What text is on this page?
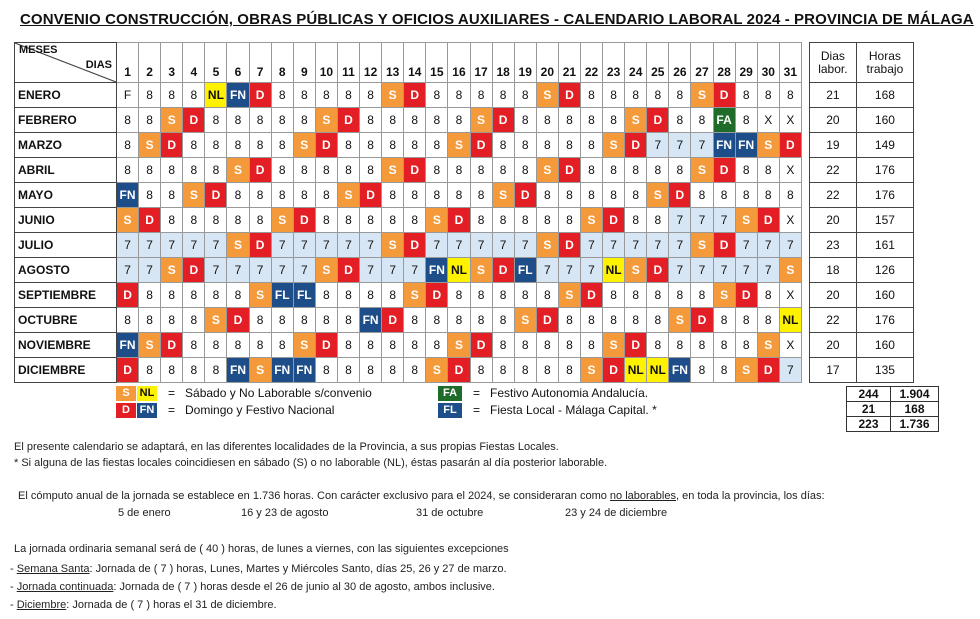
CONVENIO CONSTRUCCIÓN, OBRAS PÚBLICAS Y OFICIOS AUXILIARES - CALENDARIO LABORAL 2024 - PROVINCIA DE MÁLAGA
MESES
DIAS	1	2	3	4	5	6	7	8	9	10	11	12	13	14	15	16	17	18	19	20	21	22	23	24	25	26	27	28	29	30	31		Dias labor.	Horas trabajo
ENERO	F	8	8	8	NL	FN	D	8	8	8	8	8	S	D	8	8	8	8	8	S	D	8	8	8	8	8	S	D	8	8	8		21	168
FEBRERO	8	8	S	D	8	8	8	8	8	S	D	8	8	8	8	8	S	D	8	8	8	8	8	S	D	8	8	FA	8	X	X		20	160
MARZO	8	S	D	8	8	8	8	8	S	D	8	8	8	8	8	S	D	8	8	8	8	8	S	D	7	7	7	FN	FN	S	D		19	149
ABRIL	8	8	8	8	8	S	D	8	8	8	8	8	S	D	8	8	8	8	8	S	D	8	8	8	8	8	S	D	8	8	X		22	176
MAYO	FN	8	8	S	D	8	8	8	8	8	S	D	8	8	8	8	8	S	D	8	8	8	8	8	S	D	8	8	8	8	8		22	176
JUNIO	S	D	8	8	8	8	8	S	D	8	8	8	8	8	S	D	8	8	8	8	8	S	D	8	8	7	7	7	S	D	X		20	157
JULIO	7	7	7	7	7	S	D	7	7	7	7	7	S	D	7	7	7	7	7	S	D	7	7	7	7	7	S	D	7	7	7		23	161
AGOSTO	7	7	S	D	7	7	7	7	7	S	D	7	7	7	FN	NL	S	D	FL	7	7	7	NL	S	D	7	7	7	7	7	S		18	126
SEPTIEMBRE	D	8	8	8	8	8	S	FL	FL	8	8	8	8	S	D	8	8	8	8	8	S	D	8	8	8	8	8	S	D	8	X		20	160
OCTUBRE	8	8	8	8	S	D	8	8	8	8	8	FN	D	8	8	8	8	8	S	D	8	8	8	8	8	S	D	8	8	8	NL		22	176
NOVIEMBRE	FN	S	D	8	8	8	8	8	S	D	8	8	8	8	8	S	D	8	8	8	8	8	S	D	8	8	8	8	8	S	X		20	160
DICIEMBRE	D	8	8	8	8	FN	S	FN	FN	8	8	8	8	8	S	D	8	8	8	8	8	S	D	NL	NL	FN	8	8	S	D	7		17	135
S NL = Sábado y No Laborable s/convenio
D FN = Domingo y Festivo Nacional
FA	= Festivo Autonomia Andalucía.
FL	= Fiesta Local - Málaga Capital. *
244	1.904
21	168
223	1.736
El presente calendario se adaptará, en las diferentes localidades de la Provincia, a sus propias Fiestas Locales.
* Si alguna de las fiestas locales coincidiesen en sábado (S) o no laborable (NL), éstas pasarán al día posterior laborable.
El cómputo anual de la jornada se establece en 1.736 horas. Con carácter exclusivo para el 2024, se consideraran como no laborables, en toda la provincia, los días:
5 de enero	16 y 23 de agosto	31 de octubre	23 y 24 de diciembre
La jornada ordinaria semanal será de ( 40 ) horas, de lunes a viernes, con las siguientes excepciones
- Semana Santa: Jornada de ( 7 ) horas, Lunes, Martes y Miércoles Santo, días 25, 26 y 27 de marzo.
- Jornada continuada: Jornada de ( 7 ) horas desde el 26 de junio al 30 de agosto, ambos inclusive.
- Diciembre: Jornada de ( 7 ) horas el 31 de diciembre.
